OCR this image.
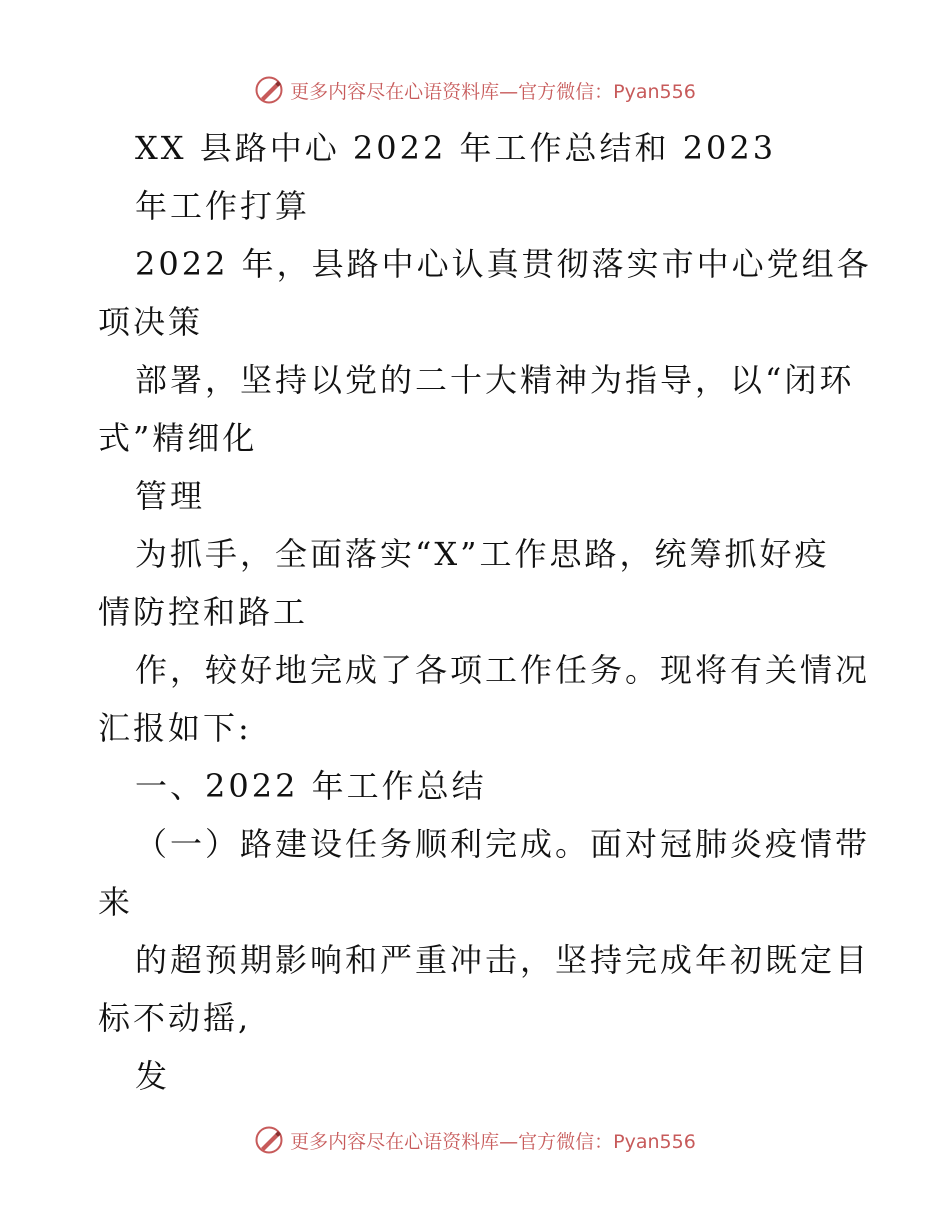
更多内容尽在心语资料库—官方微信：Pyan556
XX 县路中心 2022 年工作总结和 2023
年工作打算
2022 年，县路中心认真贯彻落实市中心党组各
项决策
部署，坚持以党的二十大精神为指导，以“闭环
式”精细化
管理
为抓手，全面落实“X”工作思路，统筹抓好疫
情防控和路工
作，较好地完成了各项工作任务。现将有关情况
汇报如下:
一、2022 年工作总结
（一）路建设任务顺利完成。面对冠肺炎疫情带
来
的超预期影响和严重冲击，坚持完成年初既定目
标不动摇,
发
更多内容尽在心语资料库—官方微信：Pyan556
